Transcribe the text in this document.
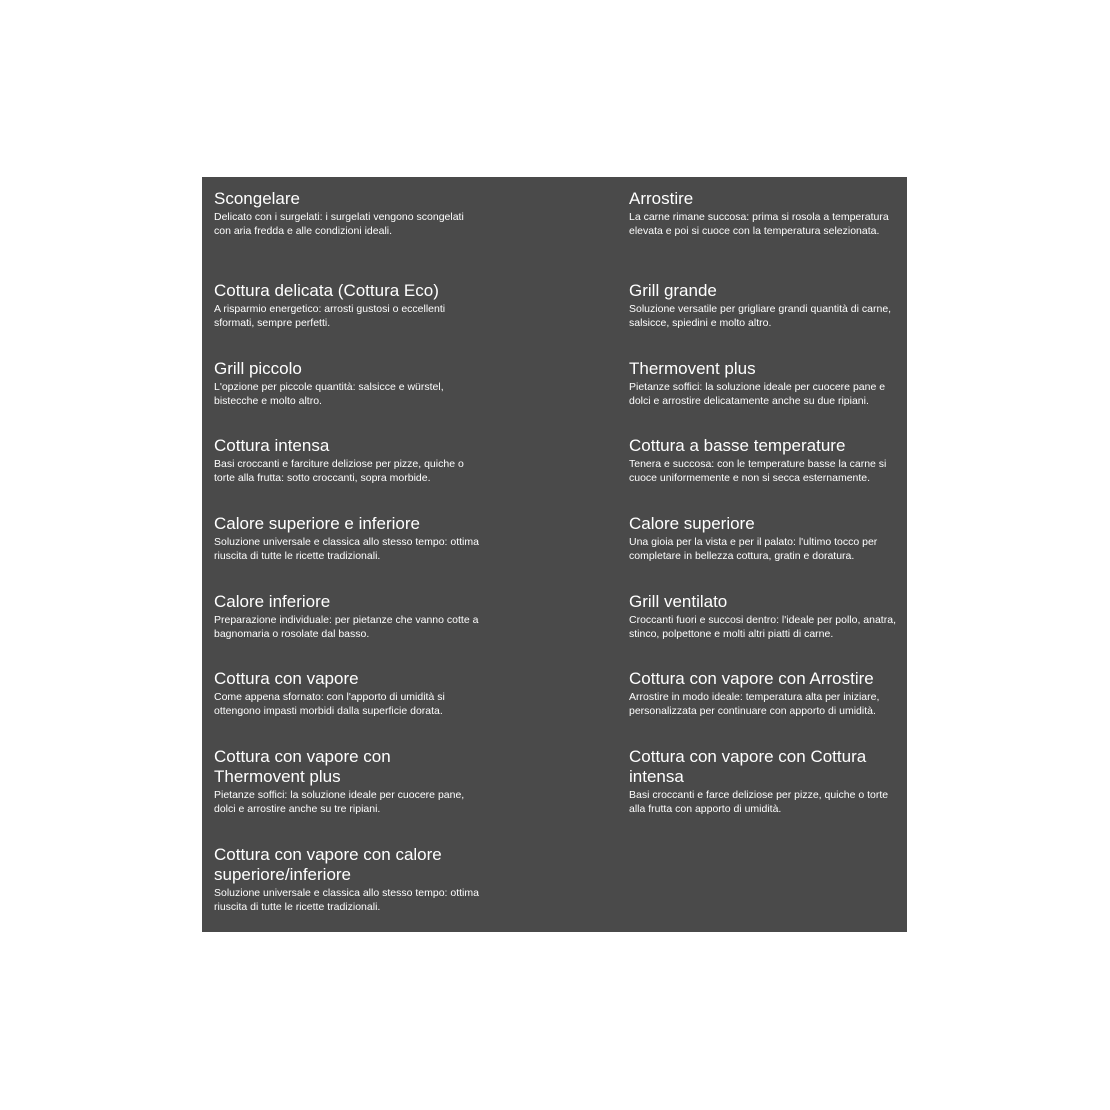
Scongelare
Delicato con i surgelati: i surgelati vengono scongelati con aria fredda e alle condizioni ideali.
Cottura delicata (Cottura Eco)
A risparmio energetico: arrosti gustosi o eccellenti sformati, sempre perfetti.
Grill piccolo
L'opzione per piccole quantità: salsicce e würstel, bistecche e molto altro.
Cottura intensa
Basi croccanti e farciture deliziose per pizze, quiche o torte alla frutta: sotto croccanti, sopra morbide.
Calore superiore e inferiore
Soluzione universale e classica allo stesso tempo: ottima riuscita di tutte le ricette tradizionali.
Calore inferiore
Preparazione individuale: per pietanze che vanno cotte a bagnomaria o rosolate dal basso.
Cottura con vapore
Come appena sfornato: con l'apporto di umidità si ottengono impasti morbidi dalla superficie dorata.
Cottura con vapore con Thermovent plus
Pietanze soffici: la soluzione ideale per cuocere pane, dolci e arrostire anche su tre ripiani.
Cottura con vapore con calore superiore/inferiore
Soluzione universale e classica allo stesso tempo: ottima riuscita di tutte le ricette tradizionali.
Arrostire
La carne rimane succosa: prima si rosola a temperatura elevata e poi si cuoce con la temperatura selezionata.
Grill grande
Soluzione versatile per grigliare grandi quantità di carne, salsicce, spiedini e molto altro.
Thermovent plus
Pietanze soffici: la soluzione ideale per cuocere pane e dolci e arrostire delicatamente anche su due ripiani.
Cottura a basse temperature
Tenera e succosa: con le temperature basse la carne si cuoce uniformemente e non si secca esternamente.
Calore superiore
Una gioia per la vista e per il palato: l'ultimo tocco per completare in bellezza cottura, gratin e doratura.
Grill ventilato
Croccanti fuori e succosi dentro: l'ideale per pollo, anatra, stinco, polpettone e molti altri piatti di carne.
Cottura con vapore con Arrostire
Arrostire in modo ideale: temperatura alta per iniziare, personalizzata per continuare con apporto di umidità.
Cottura con vapore con Cottura intensa
Basi croccanti e farce deliziose per pizze, quiche o torte alla frutta con apporto di umidità.
